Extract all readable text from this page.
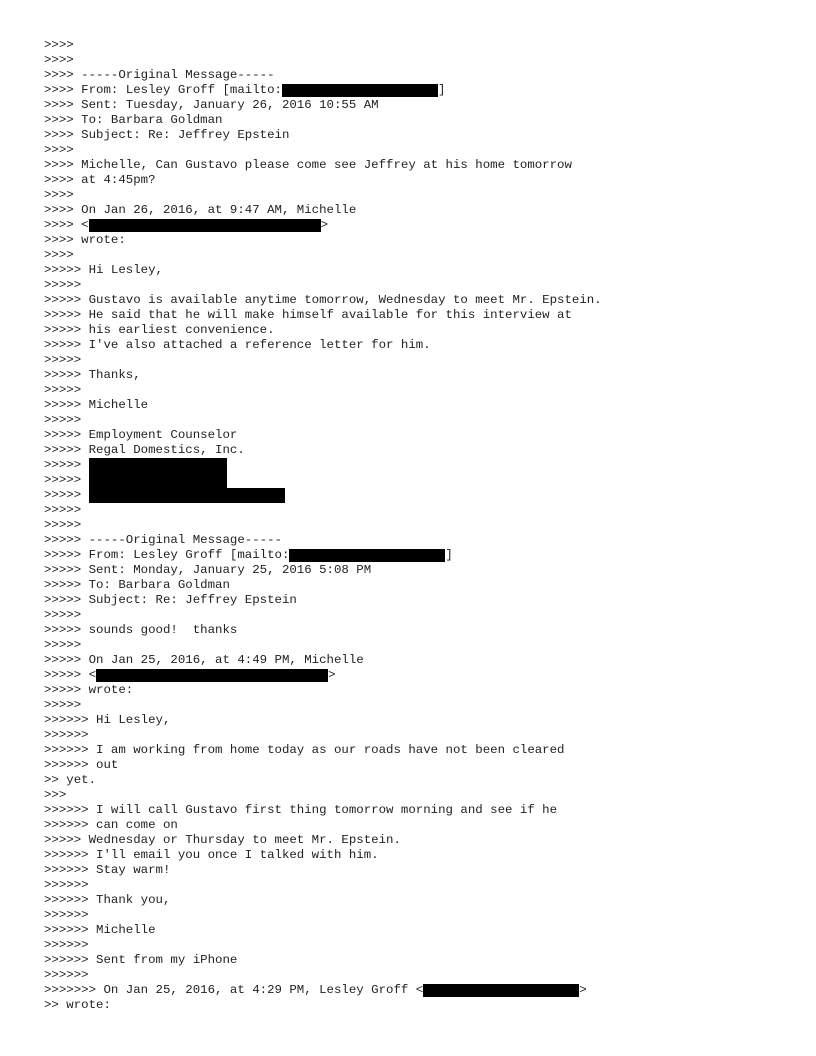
>>>>
>>>>
>>>> -----Original Message-----
>>>> From: Lesley Groff [mailto:	]
>>>> Sent: Tuesday, January 26, 2016 10:55 AM
>>>> To: Barbara Goldman
>>>> Subject: Re: Jeffrey Epstein
>>>>
>>>> Michelle, Can Gustavo please come see Jeffrey at his home tomorrow
>>>> at 4:45pm?
>>>>
>>>> On Jan 26, 2016, at 9:47 AM, Michelle
>>>> <	>
>>>> wrote:
>>>>
>>>>> Hi Lesley,
>>>>>
>>>>> Gustavo is available anytime tomorrow, Wednesday to meet Mr. Epstein.
>>>>> He said that he will make himself available for this interview at
>>>>> his earliest convenience.
>>>>> I've also attached a reference letter for him.
>>>>>
>>>>> Thanks,
>>>>>
>>>>> Michelle
>>>>>
>>>>> Employment Counselor
>>>>> Regal Domestics, Inc.
>>>>>
>>>>>
>>>>>
>>>>>
>>>>>
>>>>> -----Original Message-----
>>>>> From: Lesley Groff [mailto:	]
>>>>> Sent: Monday, January 25, 2016 5:08 PM
>>>>> To: Barbara Goldman
>>>>> Subject: Re: Jeffrey Epstein
>>>>>
>>>>> sounds good!  thanks
>>>>>
>>>>> On Jan 25, 2016, at 4:49 PM, Michelle
>>>>> <	>
>>>>> wrote:
>>>>>
>>>>>> Hi Lesley,
>>>>>>
>>>>>> I am working from home today as our roads have not been cleared
>>>>>> out
>> yet.
>>>
>>>>>> I will call Gustavo first thing tomorrow morning and see if he
>>>>>> can come on
>>>>> Wednesday or Thursday to meet Mr. Epstein.
>>>>>> I'll email you once I talked with him.
>>>>>> Stay warm!
>>>>>>
>>>>>> Thank you,
>>>>>>
>>>>>> Michelle
>>>>>>
>>>>>> Sent from my iPhone
>>>>>>
>>>>>>> On Jan 25, 2016, at 4:29 PM, Lesley Groff <	>
>> wrote:
